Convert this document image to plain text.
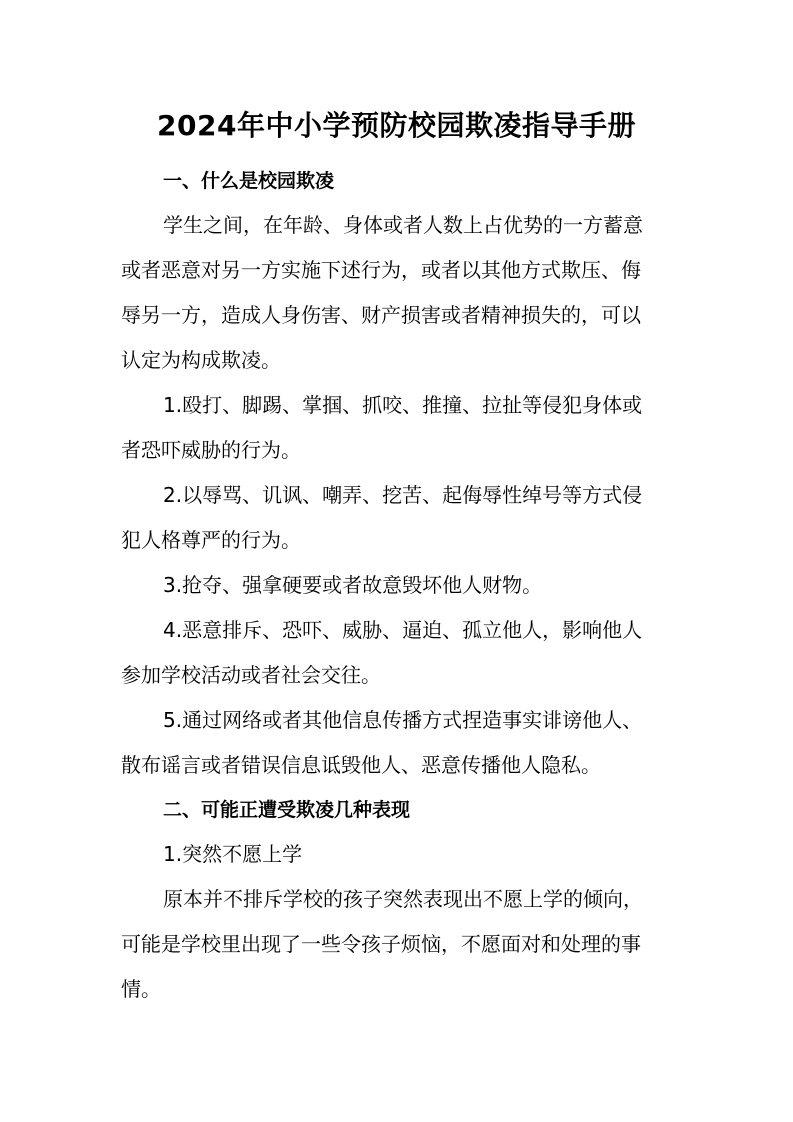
2024年中小学预防校园欺凌指导手册

一、什么是校园欺凌

学生之间，在年龄、身体或者人数上占优势的一方蓄意

或者恶意对另一方实施下述行为，或者以其他方式欺压、侮

辱另一方，造成人身伤害、财产损害或者精神损失的，可以

认定为构成欺凌。

1.殴打、脚踢、掌掴、抓咬、推撞、拉扯等侵犯身体或

者恐吓威胁的行为。

2.以辱骂、讥讽、嘲弄、挖苦、起侮辱性绰号等方式侵

犯人格尊严的行为。

3.抢夺、强拿硬要或者故意毁坏他人财物。

4.恶意排斥、恐吓、威胁、逼迫、孤立他人，影响他人

参加学校活动或者社会交往。

5.通过网络或者其他信息传播方式捏造事实诽谤他人、

散布谣言或者错误信息诋毁他人、恶意传播他人隐私。

二、可能正遭受欺凌几种表现

1.突然不愿上学

原本并不排斥学校的孩子突然表现出不愿上学的倾向，

可能是学校里出现了一些令孩子烦恼，不愿面对和处理的事

情。
